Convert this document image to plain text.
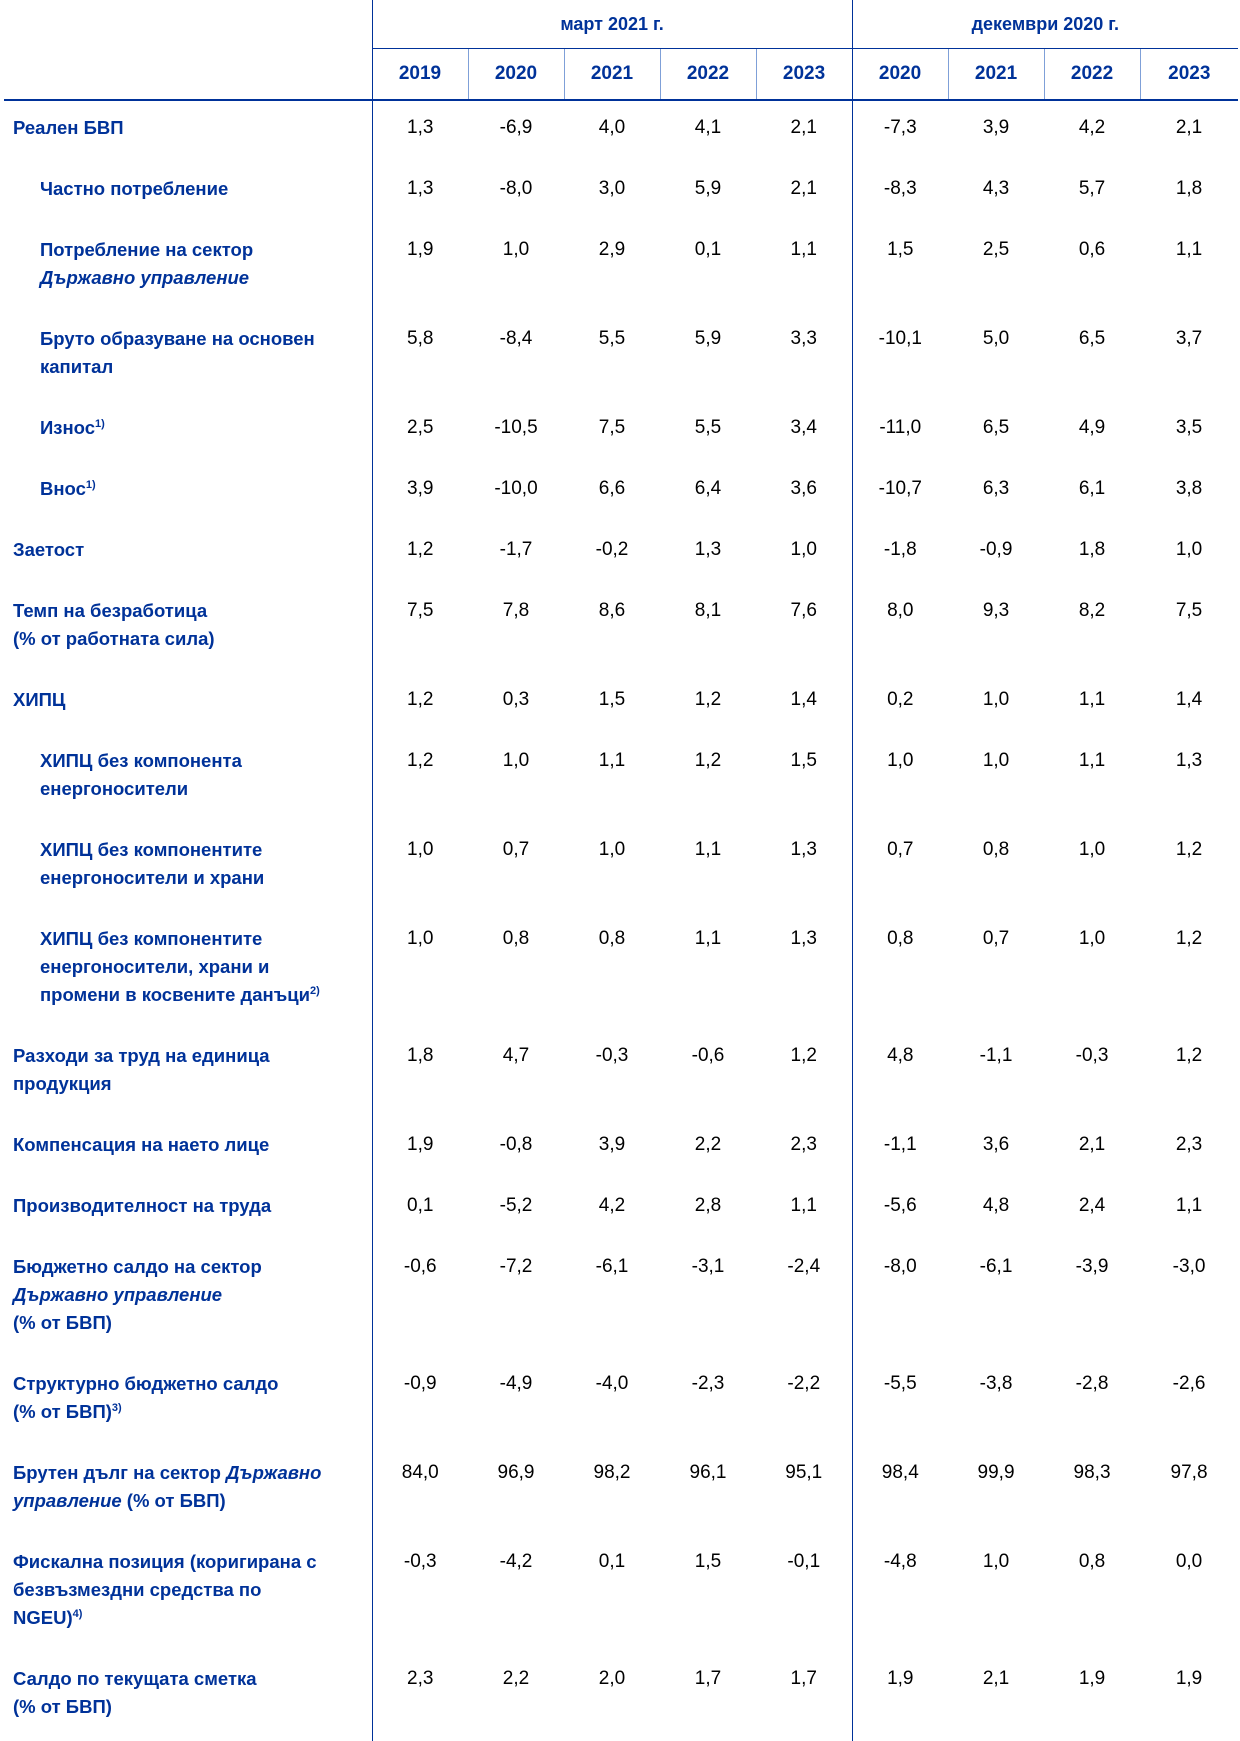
	март 2021 г.					декември 2020 г.			
	2019	2020	2021	2022	2023	2020	2021	2022	2023
Реален БВП	1,3	-6,9	4,0	4,1	2,1	-7,3	3,9	4,2	2,1
Частно потребление	1,3	-8,0	3,0	5,9	2,1	-8,3	4,3	5,7	1,8
Потребление на сектор
Държавно управление	1,9	1,0	2,9	0,1	1,1	1,5	2,5	0,6	1,1
Бруто образуване на основен
капитал	5,8	-8,4	5,5	5,9	3,3	-10,1	5,0	6,5	3,7
Износ$^{1)}$	2,5	-10,5	7,5	5,5	3,4	-11,0	6,5	4,9	3,5
Внос$^{1)}$	3,9	-10,0	6,6	6,4	3,6	-10,7	6,3	6,1	3,8
Заетост	1,2	-1,7	-0,2	1,3	1,0	-1,8	-0,9	1,8	1,0
Темп на безработица
(% от работната сила)	7,5	7,8	8,6	8,1	7,6	8,0	9,3	8,2	7,5
ХИПЦ	1,2	0,3	1,5	1,2	1,4	0,2	1,0	1,1	1,4
ХИПЦ без компонента
енергоносители	1,2	1,0	1,1	1,2	1,5	1,0	1,0	1,1	1,3
ХИПЦ без компонентите
енергоносители и храни	1,0	0,7	1,0	1,1	1,3	0,7	0,8	1,0	1,2
ХИПЦ без компонентите
енергоносители, храни и
промени в косвените данъци$^{2)}$	1,0	0,8	0,8	1,1	1,3	0,8	0,7	1,0	1,2
Разходи за труд на единица
продукция	1,8	4,7	-0,3	-0,6	1,2	4,8	-1,1	-0,3	1,2
Компенсация на наето лице	1,9	-0,8	3,9	2,2	2,3	-1,1	3,6	2,1	2,3
Производителност на труда	0,1	-5,2	4,2	2,8	1,1	-5,6	4,8	2,4	1,1
Бюджетно салдо на сектор
Държавно управление
(% от БВП)	-0,6	-7,2	-6,1	-3,1	-2,4	-8,0	-6,1	-3,9	-3,0
Структурно бюджетно салдо
(% от БВП)$^{3)}$	-0,9	-4,9	-4,0	-2,3	-2,2	-5,5	-3,8	-2,8	-2,6
Брутен дълг на сектор Държавно
управление (% от БВП)	84,0	96,9	98,2	96,1	95,1	98,4	99,9	98,3	97,8
Фискална позиция (коригирана с
безвъзмездни средства по
NGEU)$^{4)}$	-0,3	-4,2	0,1	1,5	-0,1	-4,8	1,0	0,8	0,0
Салдо по текущата сметка
(% от БВП)	2,3	2,2	2,0	1,7	1,7	1,9	2,1	1,9	1,9
